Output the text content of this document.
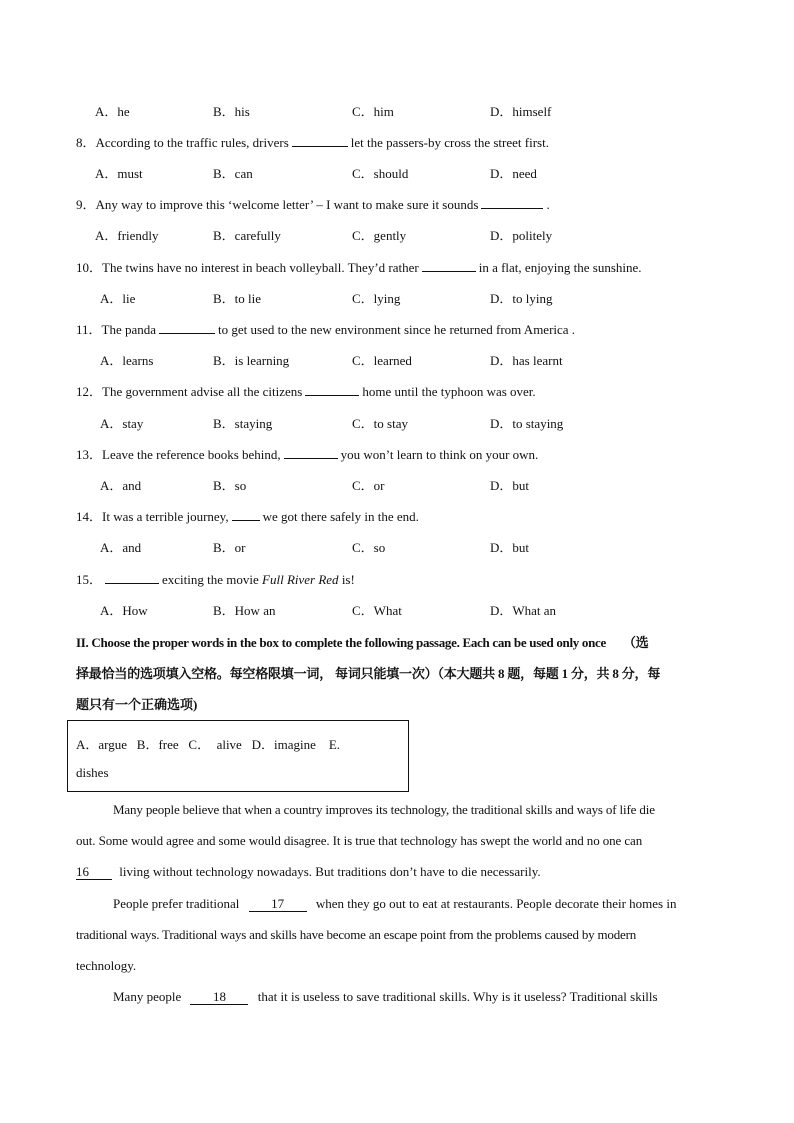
A．he	B．his	C．him	D．himself
8．According to the traffic rules, drivers	let the passers-by cross the street first.
A．must	B．can	C．should	D．need
9．Any way to improve this ‘welcome letter’ – I want to make sure it sounds	.
A．friendly	B．carefully	C．gently	D．politely
10．The twins have no interest in beach volleyball. They’d rather	in a flat, enjoying the sunshine.
A．lie	B．to lie	C．lying	D．to lying
11．The panda	to get used to the new environment since he returned from America .
A．learns	B．is learning	C．learned	D．has learnt
12．The government advise all the citizens	home until the typhoon was over.
A．stay	B．staying	C．to stay	D．to staying
13．Leave the reference books behind,	you won’t learn to think on your own.
A．and	B．so	C．or	D．but
14．It was a terrible journey,	we got there safely in the end.
A．and	B．or	C．so	D．but
15．	exciting the movie Full River Red is!
A．How	B．How an	C．What	D．What an
II. Choose the proper words in the box to complete the following passage. Each can be used only once （选
择最恰当的选项填入空格。每空格限填一词， 每词只能填一次）（本大题共 8 题，每题 1 分，共 8 分，每
题只有一个正确选项)
A．argue   B．free   C．  alive   D．imagine    E.
dishes
Many people believe that when a country improves its technology, the traditional skills and ways of life die
out. Some would agree and some would disagree. It is true that technology has swept the world and no one can
16 living without technology nowadays. But traditions don’t have to die necessarily.
People prefer traditional 17 when they go out to eat at restaurants. People decorate their homes in
traditional ways. Traditional ways and skills have become an escape point from the problems caused by modern
technology.
Many people 18 that it is useless to save traditional skills. Why is it useless? Traditional skills
